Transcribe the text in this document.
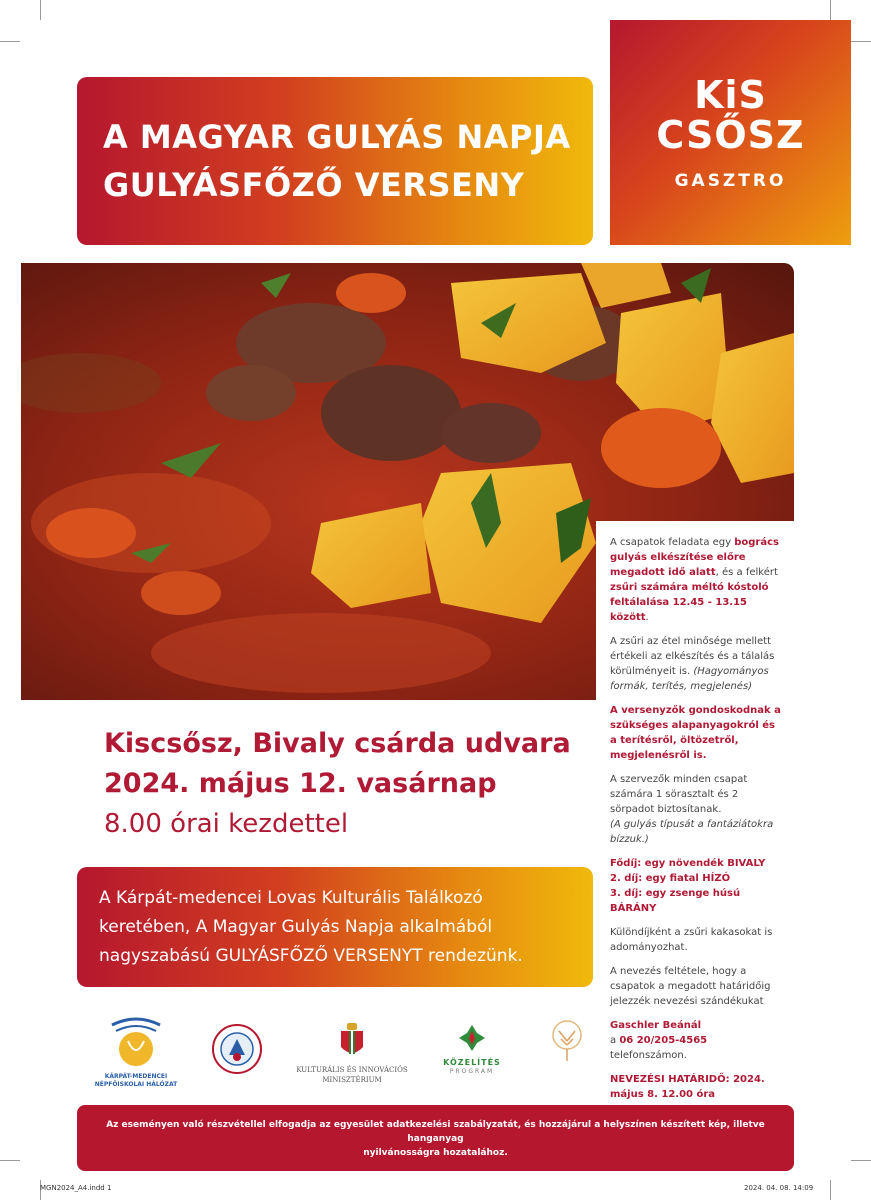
A MAGYAR GULYÁS NAPJA
GULYÁSFŐZŐ VERSENY
KiS
CSŐSZ
GASZTRO

A csapatok feladata egy bogrács gulyás elkészítése előre megadott idő alatt, és a felkért zsűri számára méltó kóstoló feltálalása 12.45 - 13.15 között.

A zsűri az étel minősége mellett értékeli az elkészítés és a tálalás körülményeit is. (Hagyományos formák, terítés, megjelenés)

A versenyzők gondoskodnak a szükséges alapanyagokról és a terítésről, öltözetről, megjelenésről is.

A szervezők minden csapat számára 1 sörasztalt és 2 sörpadot biztosítanak.
(A gulyás típusát a fantáziátokra bízzuk.)

Fődíj: egy növendék BIVALY
2. díj: egy fiatal HÍZÓ
3. díj: egy zsenge húsú BÁRÁNY

Különdíjként a zsűri kakasokat is adományozhat.

A nevezés feltétele, hogy a csapatok a megadott határidőig jelezzék nevezési szándékukat

Gaschler Beánál
a 06 20/205-4565 telefonszámon.

NEVEZÉSI HATÁRIDŐ: 2024.
május 8. 12.00 óra

Kiscsősz, Bivaly csárda udvara
2024. május 12. vasárnap
8.00 órai kezdettel
A Kárpát-medencei Lovas Kulturális Találkozó
keretében, A Magyar Gulyás Napja alkalmából
nagyszabású GULYÁSFŐZŐ VERSENYT rendezünk.
KÁRPÁT-MEDENCEI
NÉPFŐISKOLAI HÁLÓZAT
KULTURÁLIS ÉS INNOVÁCIÓS
MINISZTÉRIUM
KÖZELÍTÉS
PROGRAM
Az eseményen való részvétellel elfogadja az egyesület adatkezelési szabályzatát, és hozzájárul a helyszínen készített kép, illetve hanganyag
nyilvánosságra hozatalához.
MGN2024_A4.indd 1	2024. 04. 08. 14:09
